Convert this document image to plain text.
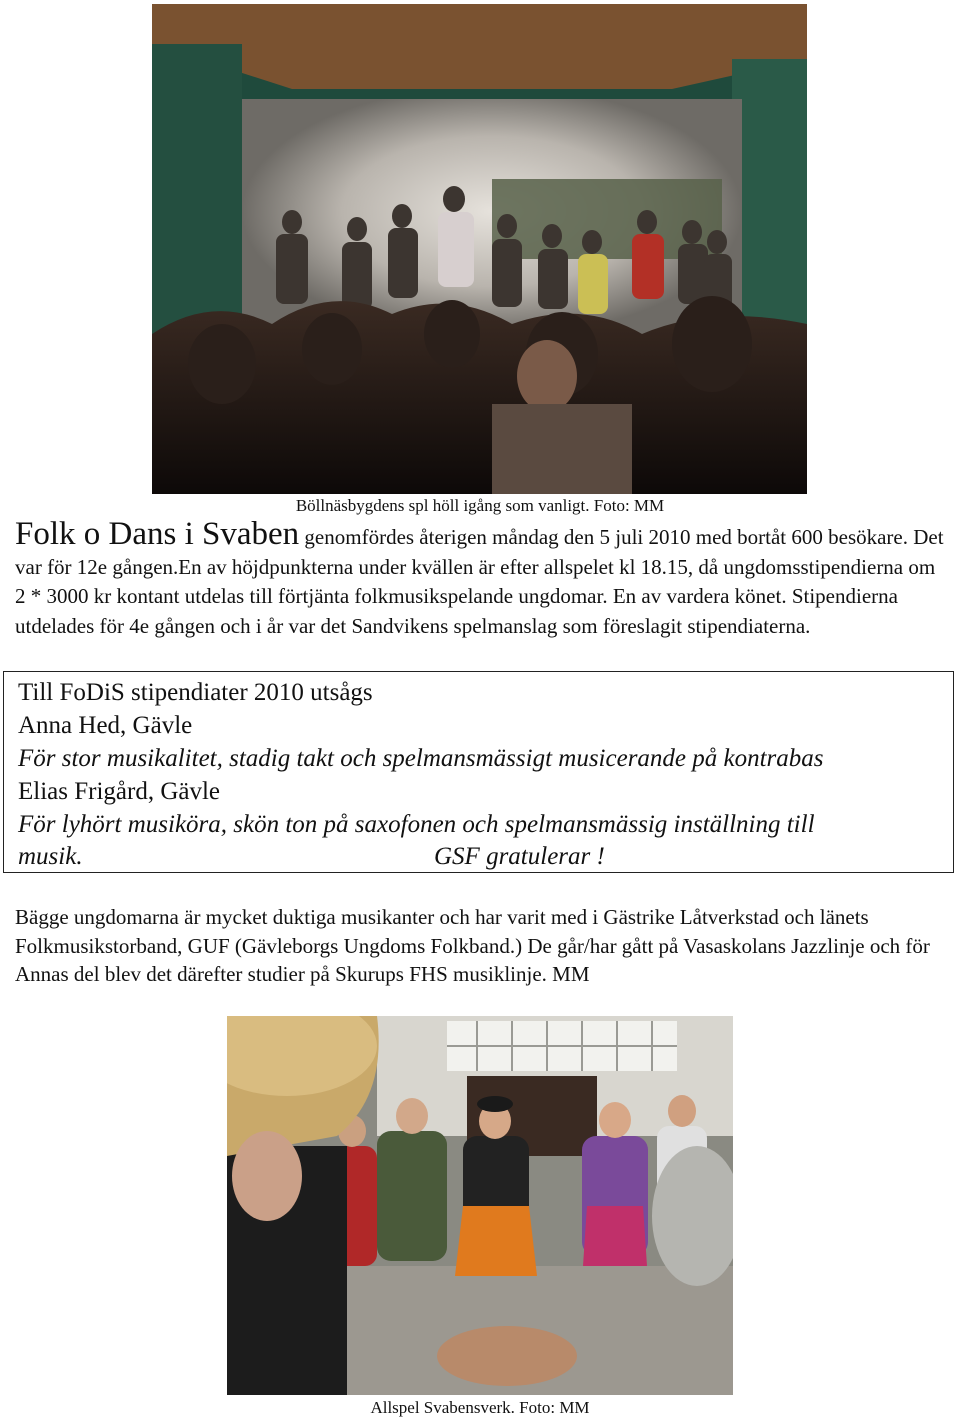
Böllnäsbygdens spl höll igång som vanligt. Foto: MM
Folk o Dans i Svaben genomfördes återigen måndag den 5 juli 2010 med bortåt 600 besökare. Det var för 12e gången.En av höjdpunkterna under kvällen är efter allspelet kl 18.15, då ungdomsstipendierna om 2 * 3000 kr kontant utdelas till förtjänta folkmusikspelande ungdomar. En av vardera könet. Stipendierna utdelades för 4e gången och i år var det Sandvikens spelmanslag som föreslagit stipendiaterna.

Till FoDiS stipendiater 2010 utsågs

Anna Hed, Gävle

För stor musikalitet, stadig takt och spelmansmässigt musicerande på kontrabas

Elias Frigård, Gävle

För lyhört musiköra, skön ton på saxofonen och spelmansmässig inställning till

musik.	GSF gratulerar !

Bägge ungdomarna är mycket duktiga musikanter och har varit med i Gästrike Låtverkstad och länets Folkmusikstorband, GUF (Gävleborgs Ungdoms Folkband.) De går/har gått på Vasaskolans Jazzlinje och för Annas del blev det därefter studier på Skurups FHS musiklinje. MM
Allspel Svabensverk. Foto: MM
